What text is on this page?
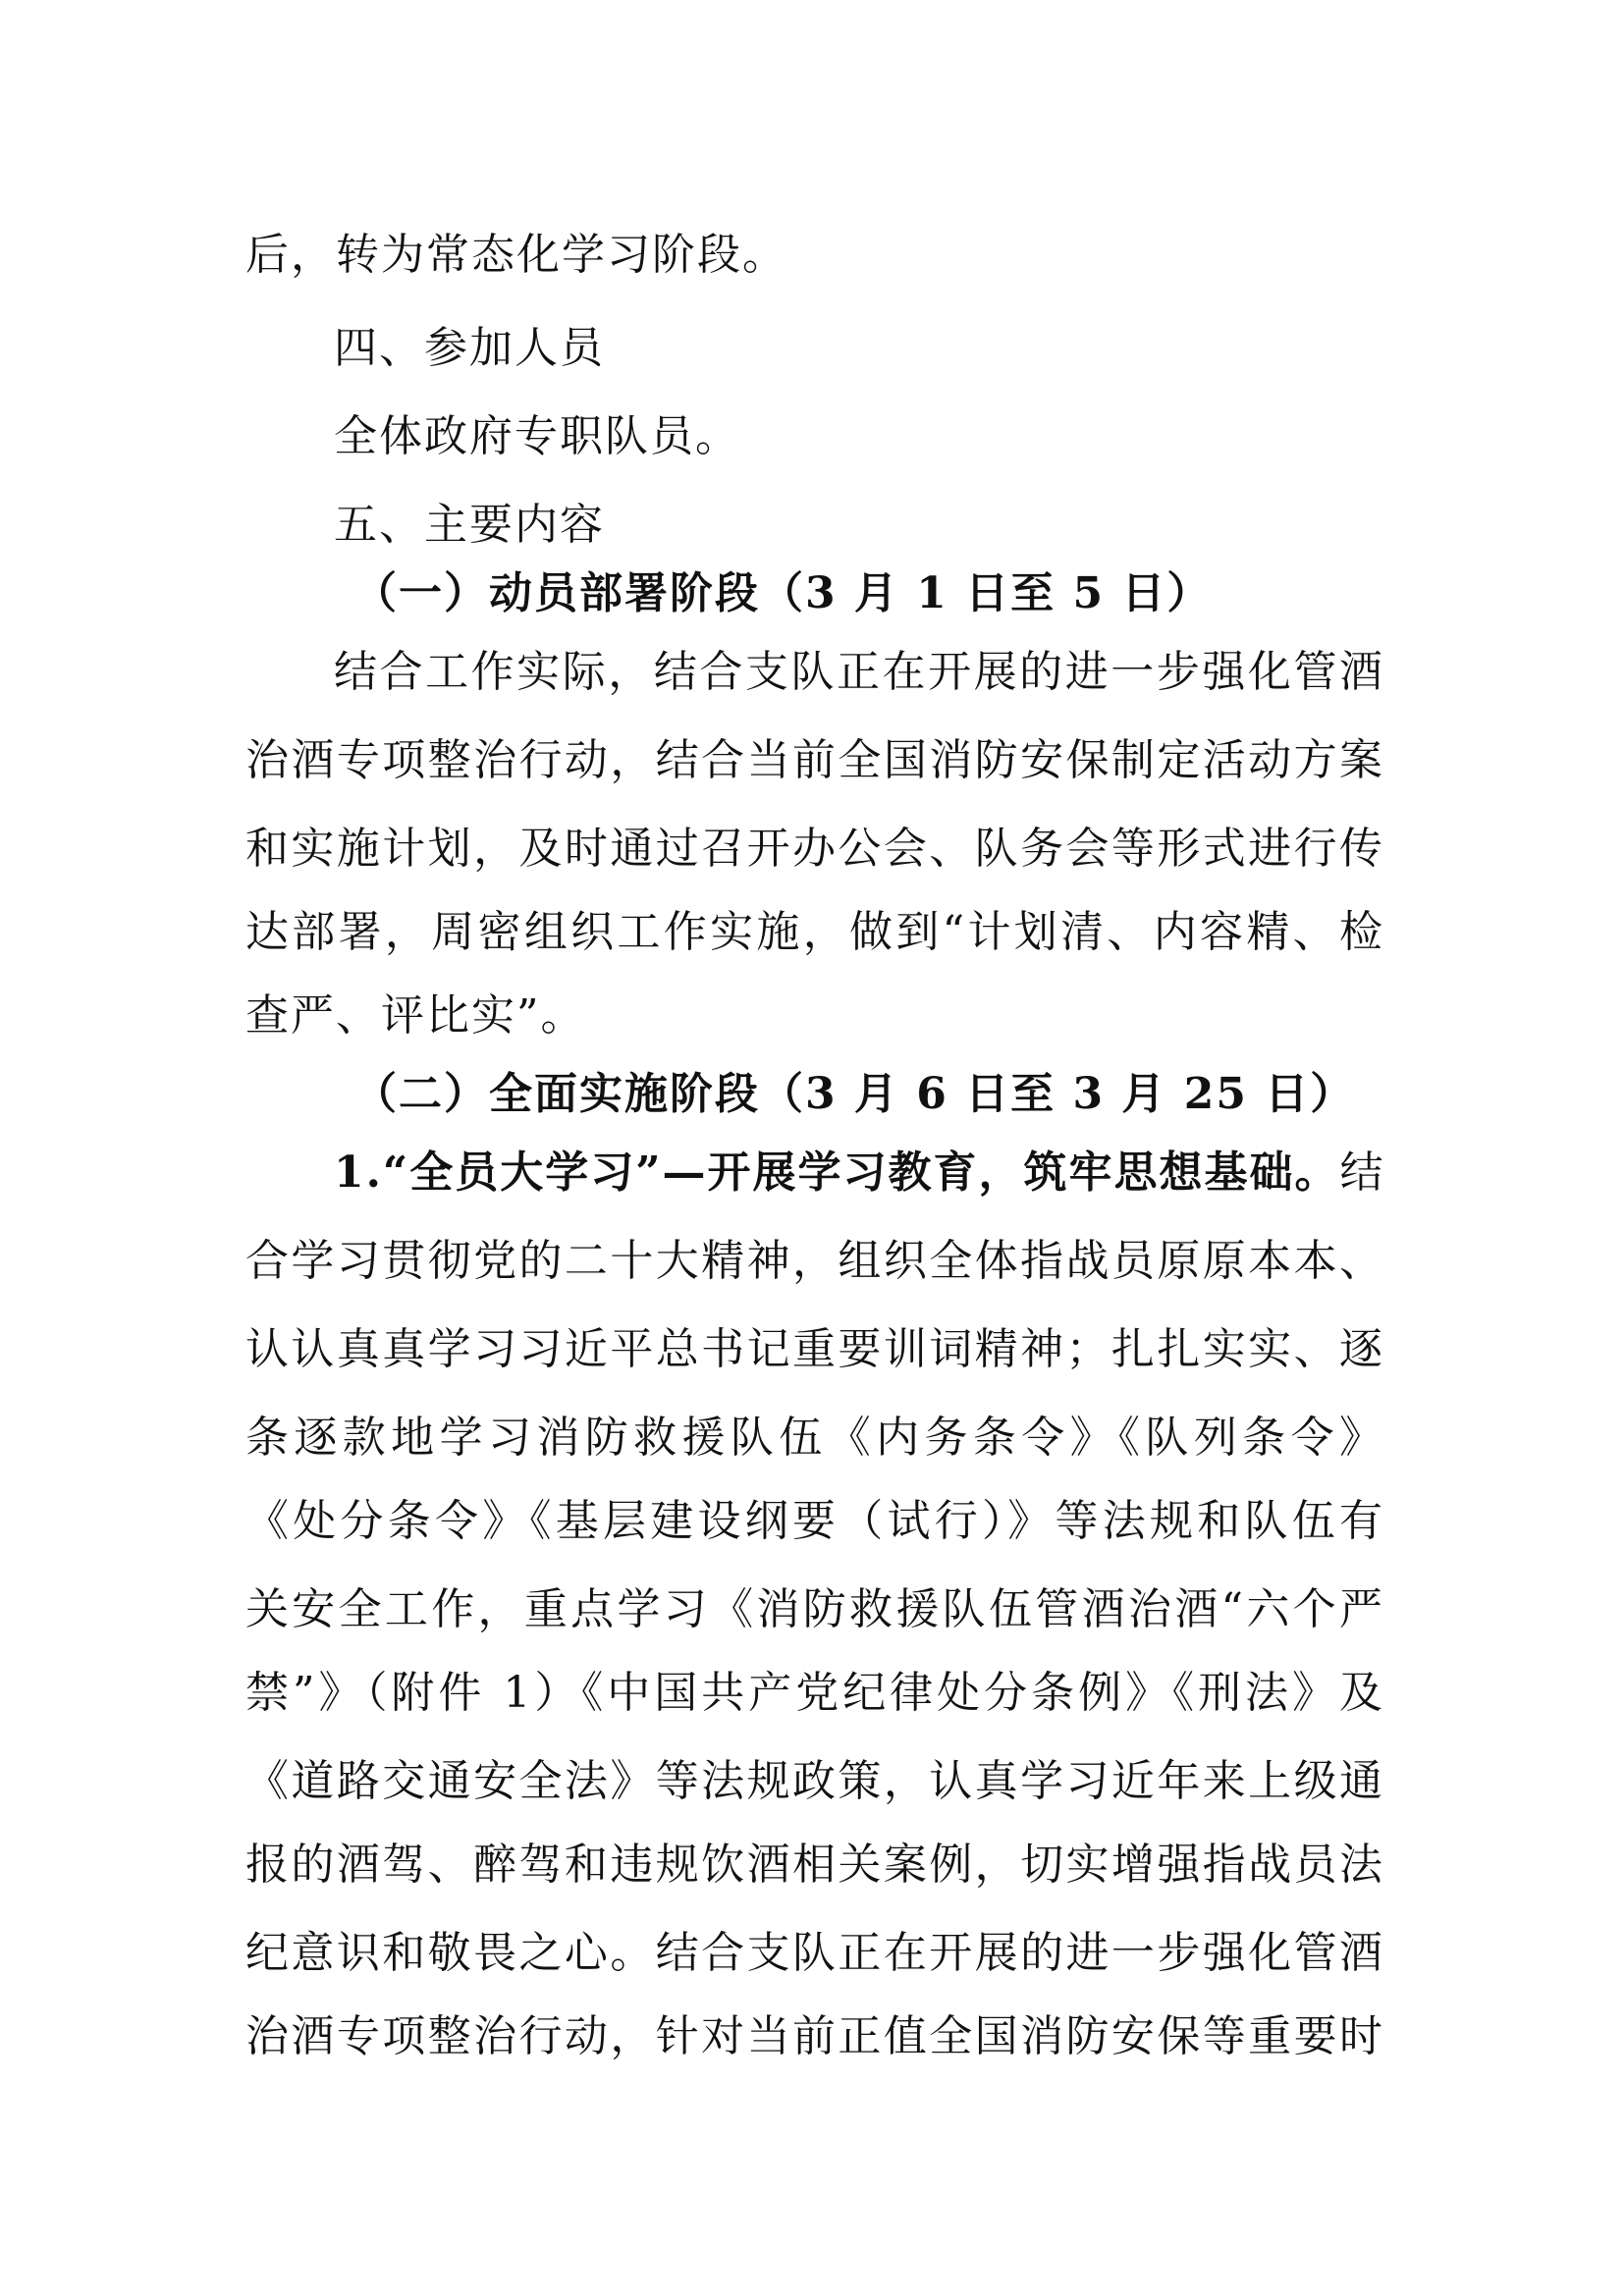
后，转为常态化学习阶段。
四、参加人员
全体政府专职队员。
五、主要内容
（一）动员部署阶段（3 月 1 日至 5 日）
结合工作实际，结合支队正在开展的进一步强化管酒
治酒专项整治行动，结合当前全国消防安保制定活动方案
和实施计划，及时通过召开办公会、队务会等形式进行传
达部署，周密组织工作实施，做到“计划清、内容精、检
查严、评比实”。
（二）全面实施阶段（3 月 6 日至 3 月 25 日）
1.“全员大学习”—开展学习教育，筑牢思想基础。 结
合学习贯彻党的二十大精神，组织全体指战员原原本本、
认认真真学习习近平总书记重要训词精神；扎扎实实、逐
条逐款地学习消防救援队伍《内务条令》《队列条令》
《处分条令》《基层建设纲要（试行）》等法规和队伍有
关安全工作，重点学习《消防救援队伍管酒治酒“六个严
禁”》（附件 1）《中国共产党纪律处分条例》《刑法》及
《道路交通安全法》等法规政策，认真学习近年来上级通
报的酒驾、醉驾和违规饮酒相关案例，切实增强指战员法
纪意识和敬畏之心。结合支队正在开展的进一步强化管酒
治酒专项整治行动，针对当前正值全国消防安保等重要时
